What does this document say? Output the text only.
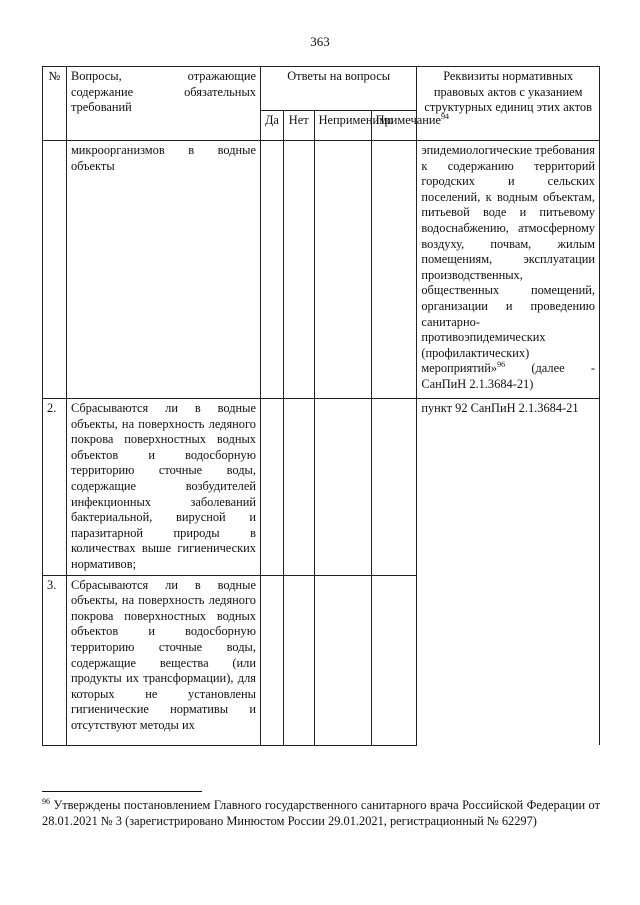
363
№	Вопросы, отражающие содержание обязательных требований	Ответы на вопросы				Реквизиты нормативных правовых актов с указанием структурных единиц этих актов
		Да	Нет	Неприменимо	Примечание$^{94}$
	микроорганизмов в водные объекты					эпидемиологические требования к содержанию территорий городских и сельских поселений, к водным объектам, питьевой воде и питьевому водоснабжению, атмосферному воздуху, почвам, жилым помещениям, эксплуатации производственных, общественных помещений, организации и проведению санитарно-противоэпидемических (профилактических) мероприятий»$^{96}$ (далее - СанПиН 2.1.3684-21)
2.	Сбрасываются ли в водные объекты, на поверхность ледяного покрова поверхностных водных объектов и водосборную территорию сточные воды, содержащие возбудителей инфекционных заболеваний бактериальной, вирусной и паразитарной природы в количествах выше гигиенических нормативов;					пункт 92 СанПиН 2.1.3684-21
3.	Сбрасываются ли в водные объекты, на поверхность ледяного покрова поверхностных водных объектов и водосборную территорию сточные воды, содержащие вещества (или продукты их трансформации), для которых не установлены гигиенические нормативы и отсутствуют методы их					
$^{96}$ Утверждены постановлением Главного государственного санитарного врача Российской Федерации от 28.01.2021 № 3 (зарегистрировано Минюстом России 29.01.2021, регистрационный № 62297)
